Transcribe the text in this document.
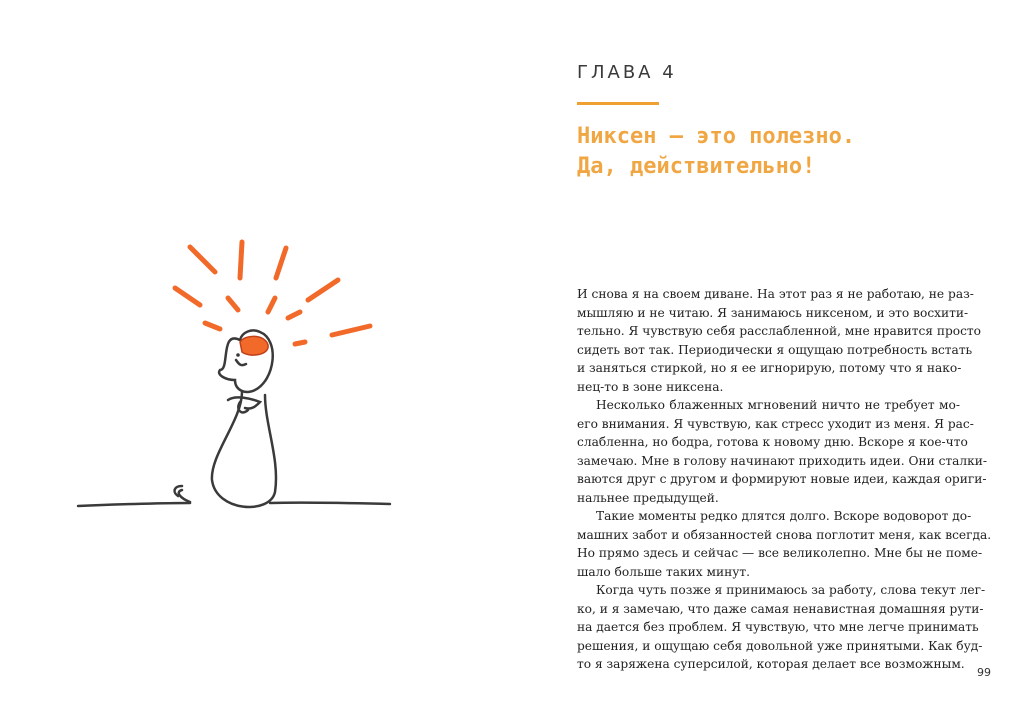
ГЛАВА 4
Никсен – это полезно.
Да, действительно!
И снова я на своем диване. На этот раз я не работаю, не раз-
мышляю и не читаю. Я занимаюсь никсеном, и это восхити-
тельно. Я чувствую себя расслабленной, мне нравится просто
сидеть вот так. Периодически я ощущаю потребность встать
и заняться стиркой, но я ее игнорирую, потому что я нако-
нец-то в зоне никсена.
Несколько блаженных мгновений ничто не требует мо-
его внимания. Я чувствую, как стресс уходит из меня. Я рас-
слабленна, но бодра, готова к новому дню. Вскоре я кое-что
замечаю. Мне в голову начинают приходить идеи. Они сталки-
ваются друг с другом и формируют новые идеи, каждая ориги-
нальнее предыдущей.
Такие моменты редко длятся долго. Вскоре водоворот до-
машних забот и обязанностей снова поглотит меня, как всегда.
Но прямо здесь и сейчас — все великолепно. Мне бы не поме-
шало больше таких минут.
Когда чуть позже я принимаюсь за работу, слова текут лег-
ко, и я замечаю, что даже самая ненавистная домашняя рути-
на дается без проблем. Я чувствую, что мне легче принимать
решения, и ощущаю себя довольной уже принятыми. Как буд-
то я заряжена суперсилой, которая делает все возможным.
99
